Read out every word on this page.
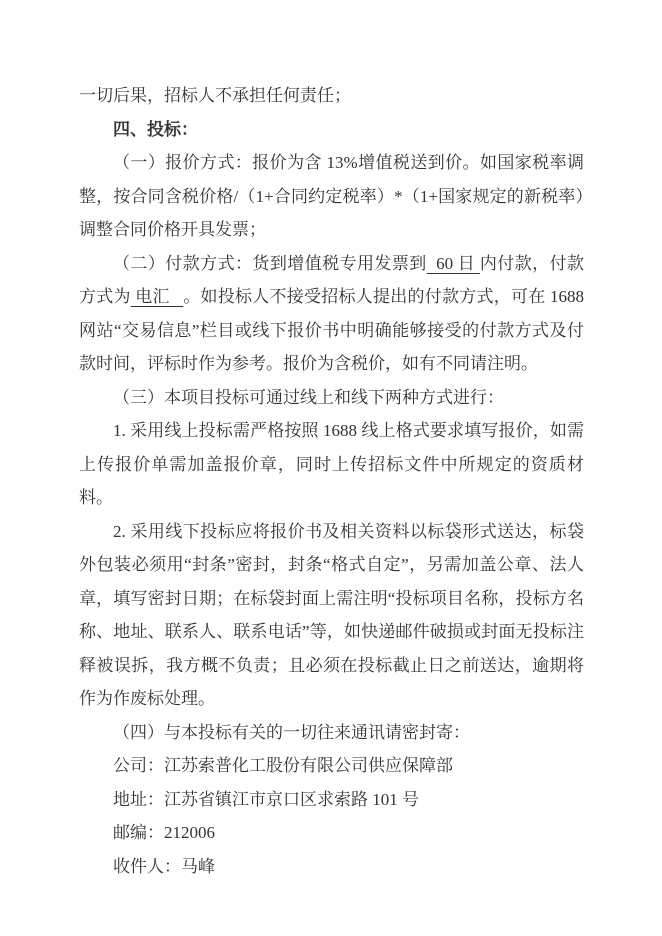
一切后果，招标人不承担任何责任；

四、投标：

（一）报价方式：报价为含 13%增值税送到价。如国家税率调整，按合同含税价格/（1+合同约定税率）*（1+国家规定的新税率）调整合同价格开具发票；

（二）付款方式：货到增值税专用发票到  60 日 内付款，付款方式为 电汇   。如投标人不接受招标人提出的付款方式，可在 1688 网站“交易信息”栏目或线下报价书中明确能够接受的付款方式及付款时间，评标时作为参考。报价为含税价，如有不同请注明。

（三）本项目投标可通过线上和线下两种方式进行：

1. 采用线上投标需严格按照 1688 线上格式要求填写报价，如需上传报价单需加盖报价章，同时上传招标文件中所规定的资质材料。

2. 采用线下投标应将报价书及相关资料以标袋形式送达，标袋外包装必须用“封条”密封，封条“格式自定”，另需加盖公章、法人章，填写密封日期；在标袋封面上需注明“投标项目名称，投标方名称、地址、联系人、联系电话”等，如快递邮件破损或封面无投标注释被误拆，我方概不负责；且必须在投标截止日之前送达，逾期将作为作废标处理。

（四）与本投标有关的一切往来通讯请密封寄：

公司：江苏索普化工股份有限公司供应保障部

地址：江苏省镇江市京口区求索路 101 号

邮编：212006

收件人：马峰
